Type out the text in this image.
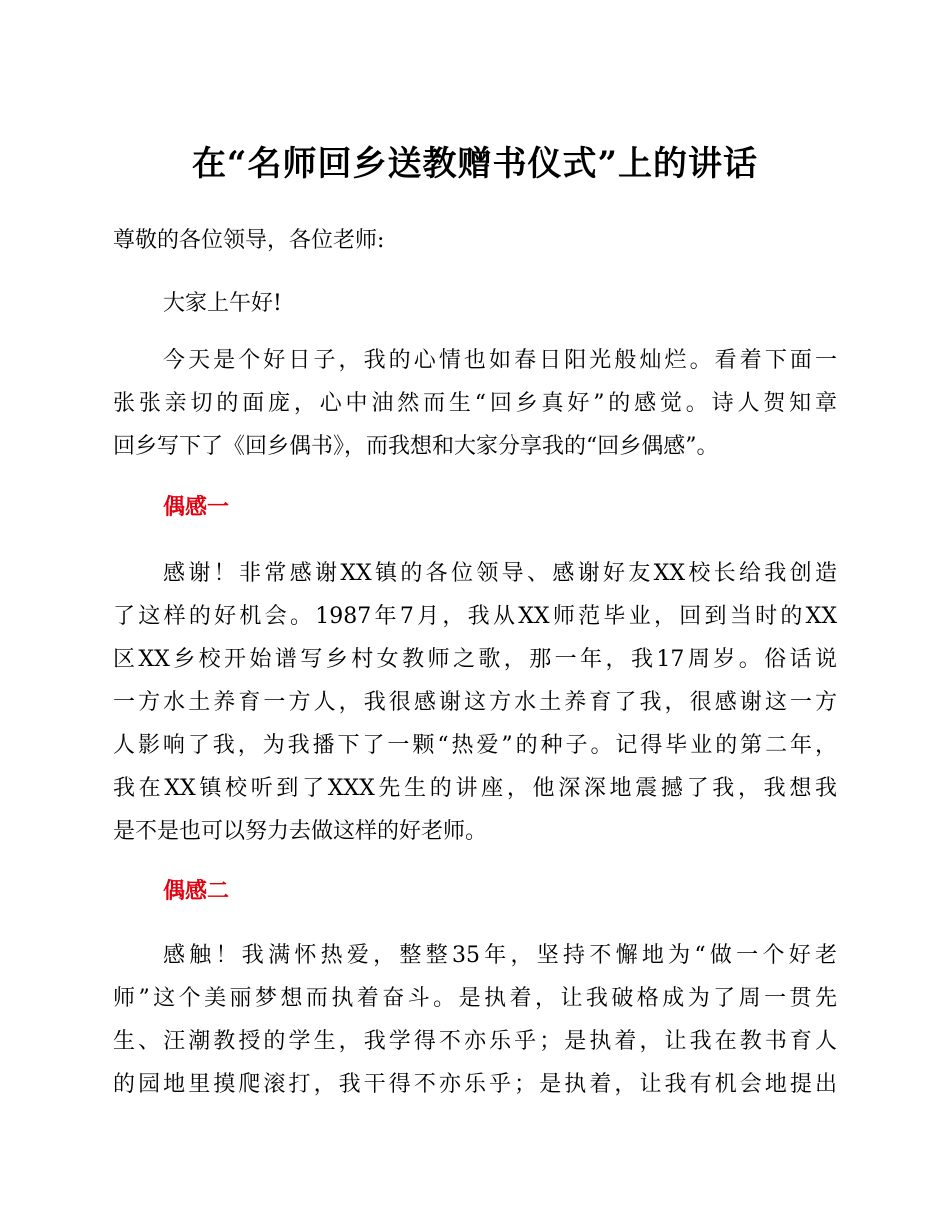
在“名师回乡送教赠书仪式”上的讲话
尊敬的各位领导，各位老师:
大家上午好!
今天是个好日子，我的心情也如春日阳光般灿烂。看着下面一
张张亲切的面庞，心中油然而生“回乡真好”的感觉。诗人贺知章
回乡写下了《回乡偶书》，而我想和大家分享我的“回乡偶感”。
偶感一
感谢！非常感谢XX镇的各位领导、感谢好友XX校长给我创造
了这样的好机会。1987年7月，我从XX师范毕业，回到当时的XX
区XX乡校开始谱写乡村女教师之歌，那一年，我17周岁。俗话说
一方水土养育一方人，我很感谢这方水土养育了我，很感谢这一方
人影响了我，为我播下了一颗“热爱”的种子。记得毕业的第二年，
我在XX镇校听到了XXX先生的讲座，他深深地震撼了我，我想我
是不是也可以努力去做这样的好老师。
偶感二
感触！我满怀热爱，整整35年，坚持不懈地为“做一个好老
师”这个美丽梦想而执着奋斗。是执着，让我破格成为了周一贯先
生、汪潮教授的学生，我学得不亦乐乎；是执着，让我在教书育人
的园地里摸爬滚打，我干得不亦乐乎；是执着，让我有机会地提出
